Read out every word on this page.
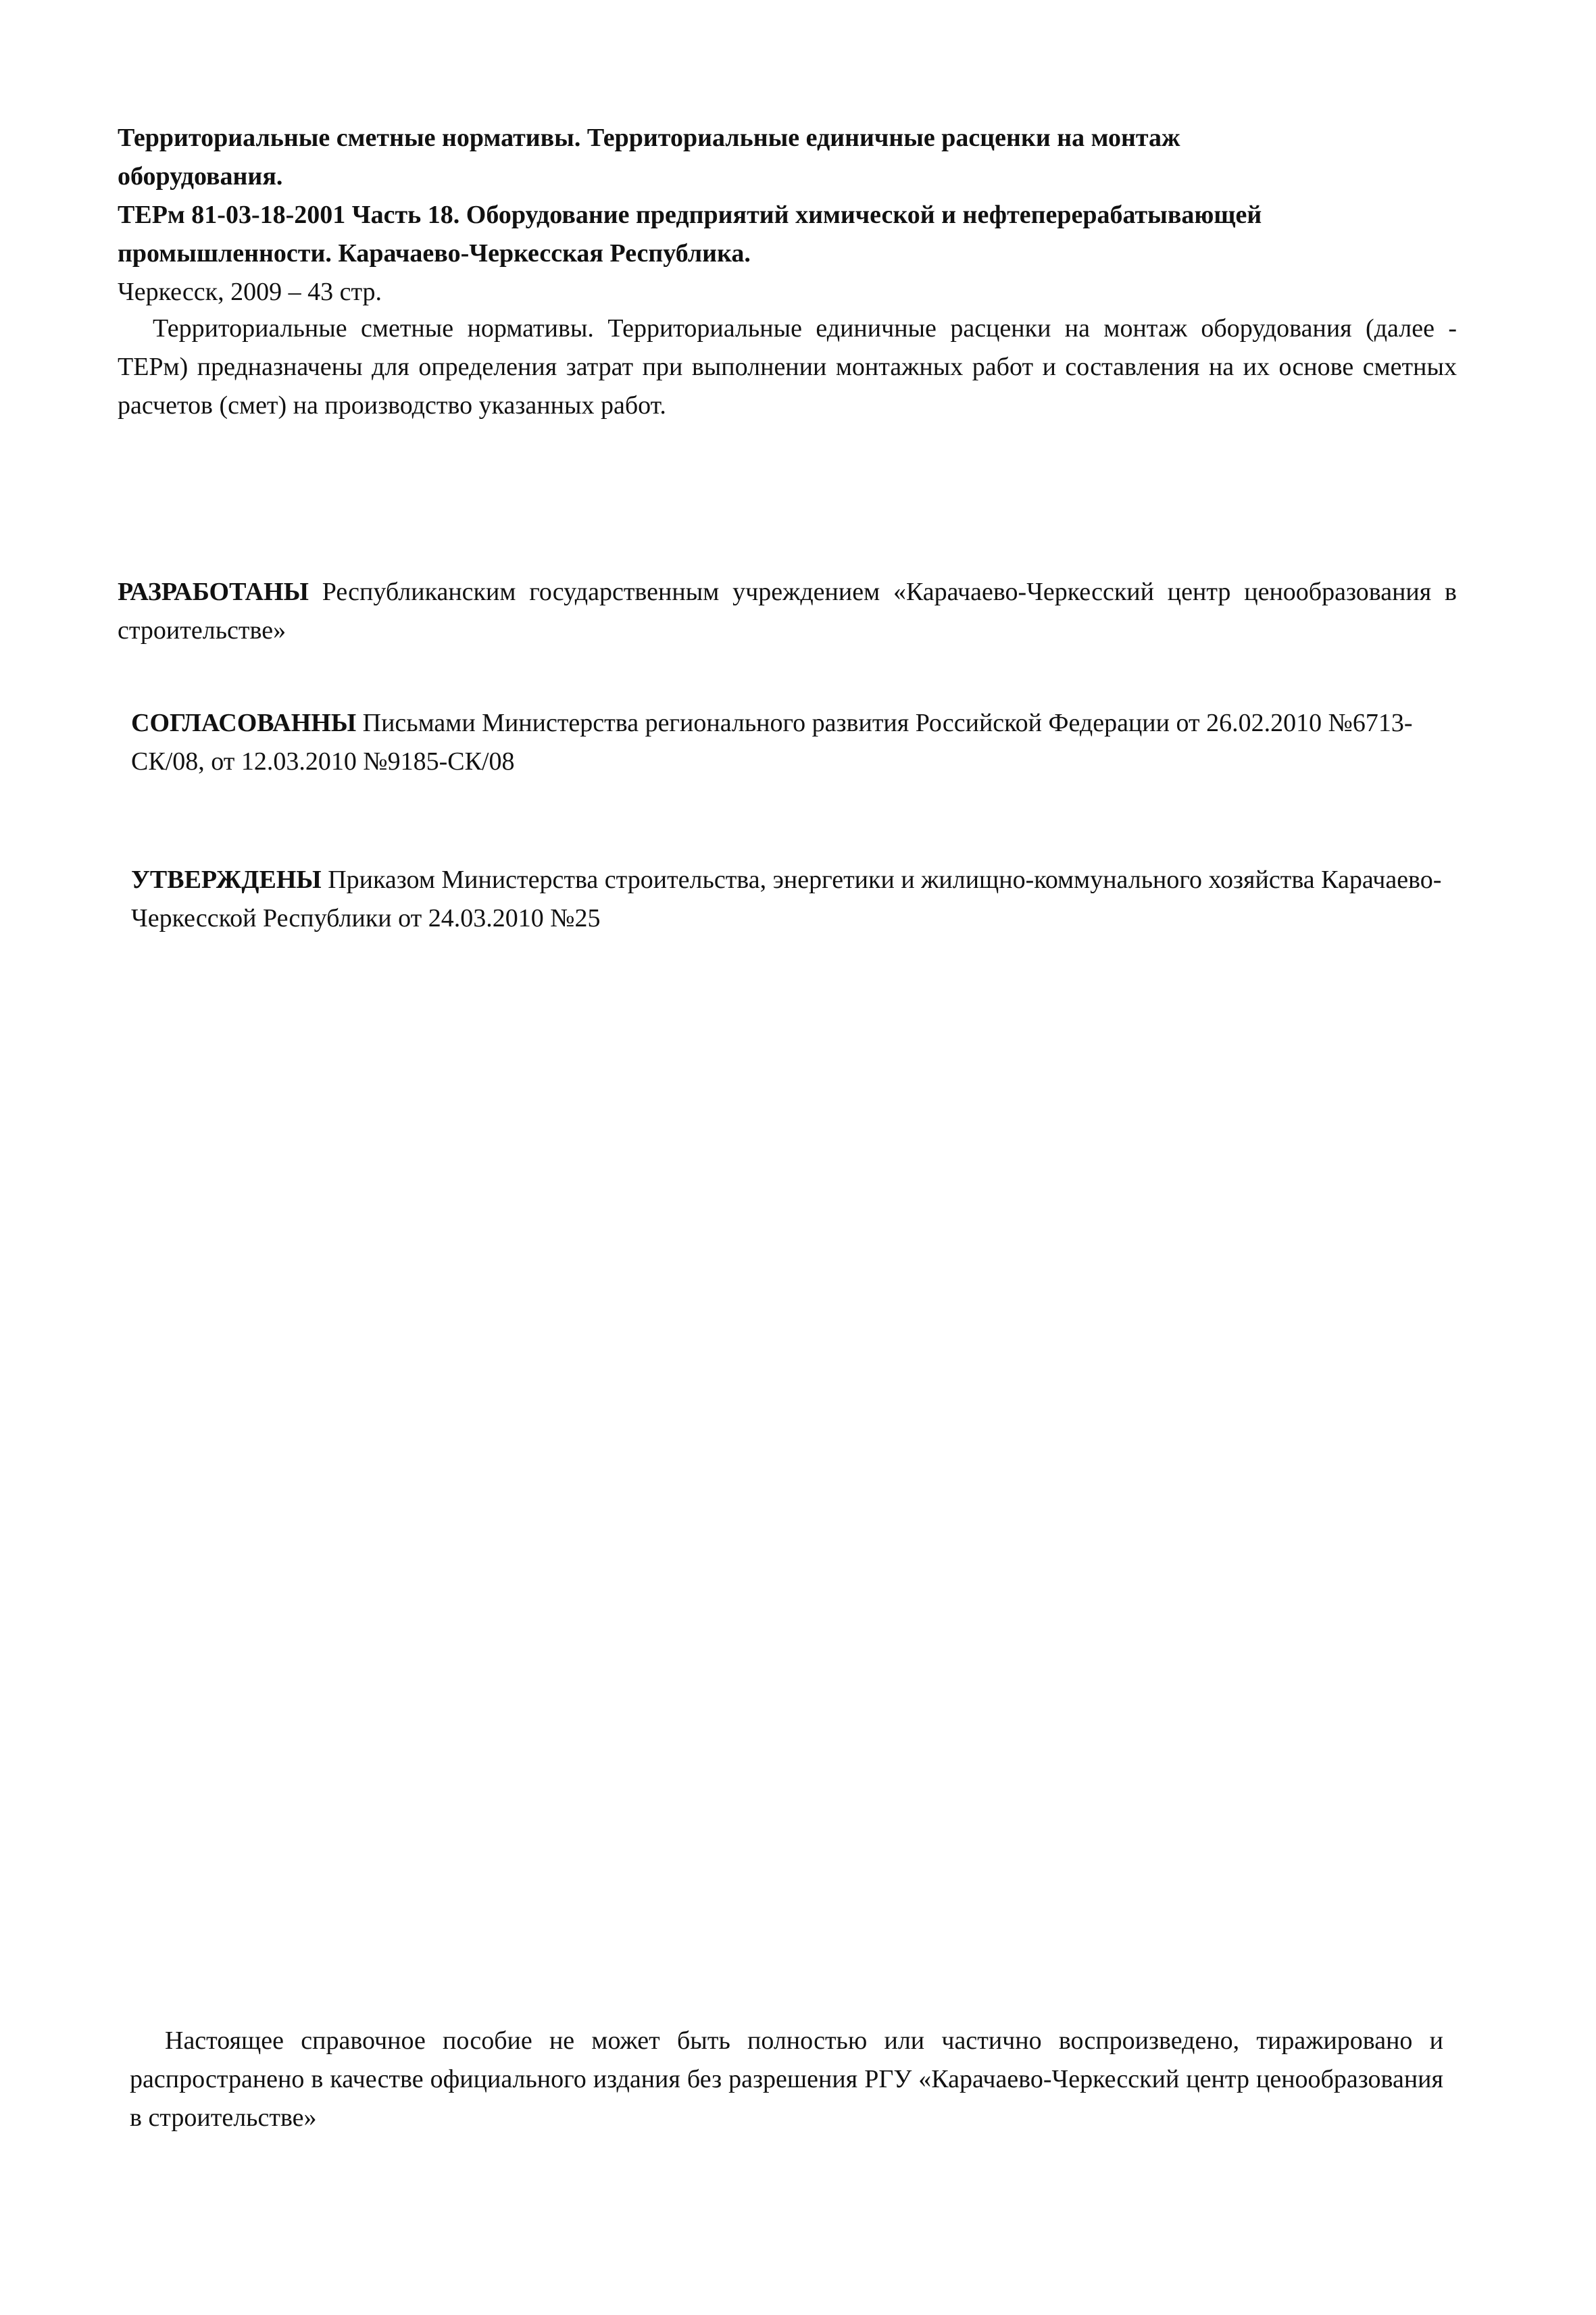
Территориальные сметные нормативы. Территориальные единичные расценки на монтаж
оборудования.
ТЕРм 81-03-18-2001 Часть 18. Оборудование предприятий химической и нефтеперерабатывающей
промышленности. Карачаево-Черкесская Республика.
Черкесск, 2009 – 43 стр.
Территориальные сметные нормативы. Территориальные единичные расценки на монтаж оборудования (далее - ТЕРм) предназначены для определения затрат при выполнении монтажных работ и составления на их основе сметных расчетов (смет) на производство указанных работ.
РАЗРАБОТАНЫ Республиканским государственным учреждением «Карачаево-Черкесский центр ценообразования в строительстве»
СОГЛАСОВАННЫ Письмами Министерства регионального развития Российской Федерации от 26.02.2010 №6713-СК/08, от 12.03.2010 №9185-СК/08
УТВЕРЖДЕНЫ Приказом Министерства строительства, энергетики и жилищно-коммунального хозяйства Карачаево-Черкесской Республики от 24.03.2010 №25
Настоящее справочное пособие не может быть полностью или частично воспроизведено, тиражировано и распространено в качестве официального издания без разрешения РГУ «Карачаево-Черкесский центр ценообразования в строительстве»
